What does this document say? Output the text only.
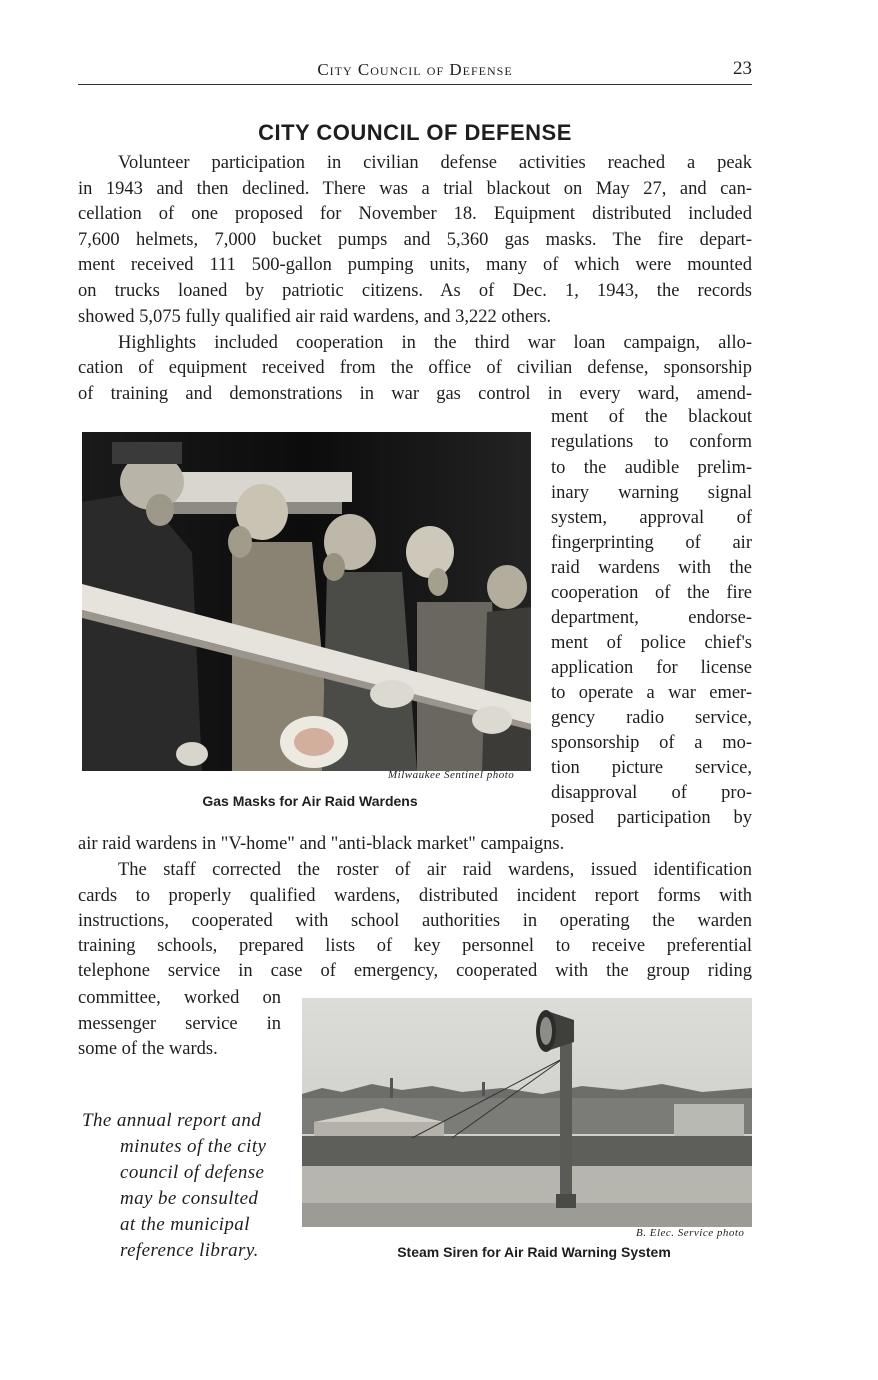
City Council of Defense	23
CITY COUNCIL OF DEFENSE
Volunteer participation in civilian defense activities reached a peak
in 1943 and then declined. There was a trial blackout on May 27, and can-
cellation of one proposed for November 18. Equipment distributed included
7,600 helmets, 7,000 bucket pumps and 5,360 gas masks. The fire depart-
ment received 111 500-gallon pumping units, many of which were mounted
on trucks loaned by patriotic citizens. As of Dec. 1, 1943, the records
showed 5,075 fully qualified air raid wardens, and 3,222 others.
Highlights included cooperation in the third war loan campaign, allo-
cation of equipment received from the office of civilian defense, sponsorship
of training and demonstrations in war gas control in every ward, amend-
ment of the blackout
regulations to conform
to the audible prelim-
inary warning signal
system, approval of
fingerprinting of air
raid wardens with the
cooperation of the fire
department, endorse-
ment of police chief's
application for license
to operate a war emer-
gency radio service,
sponsorship of a mo-
tion picture service,
disapproval of pro-
posed participation by
air raid wardens in "V-home" and "anti-black market" campaigns.
Milwaukee Sentinel photo
Gas Masks for Air Raid Wardens
The staff corrected the roster of air raid wardens, issued identification
cards to properly qualified wardens, distributed incident report forms with
instructions, cooperated with school authorities in operating the warden
training schools, prepared lists of key personnel to receive preferential
telephone service in case of emergency, cooperated with the group riding
committee, worked on
messenger service in
some of the wards.
The annual report and
minutes of the city
council of defense
may be consulted
at the municipal
reference library.
B. Elec. Service photo
Steam Siren for Air Raid Warning System
